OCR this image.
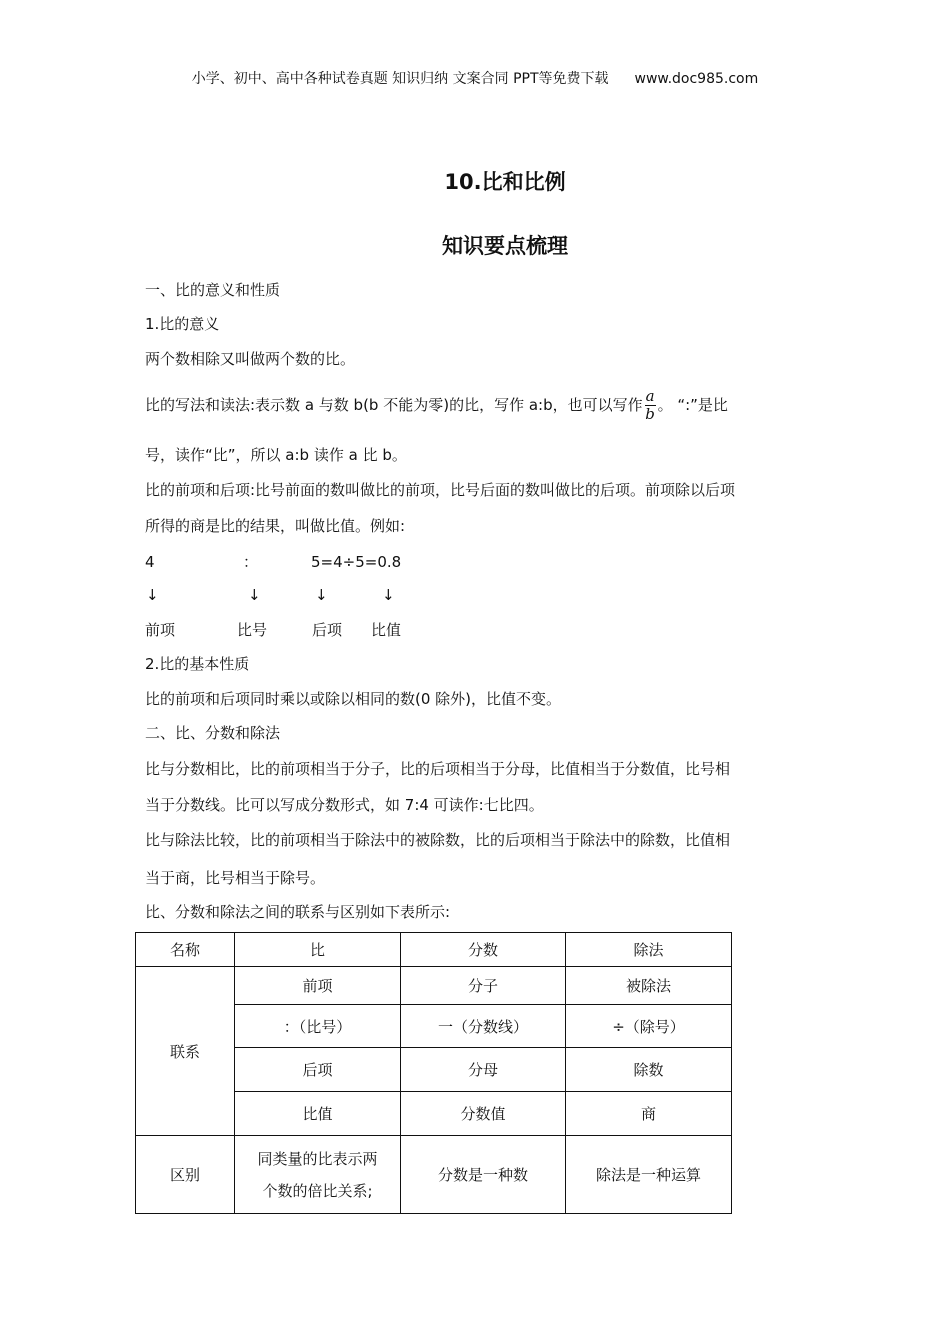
小学、初中、高中各种试卷真题 知识归纳 文案合同 PPT等免费下载 www.doc985.com
10.比和比例
知识要点梳理
一、比的意义和性质
1.比的意义
两个数相除又叫做两个数的比。
比的写法和读法:表示数 a 与数 b(b 不能为零)的比，写作 a:b，也可以写作 $\frac{a}{b}$ 。 “:”是比
号，读作“比”，所以 a:b 读作 a 比 b。
比的前项和后项:比号前面的数叫做比的前项，比号后面的数叫做比的后项。前项除以后项
所得的商是比的结果，叫做比值。例如:
4	：	5=4÷5=0.8
↓	↓	↓	↓
前项	比号	后项 比值
2.比的基本性质
比的前项和后项同时乘以或除以相同的数(0 除外)，比值不变。
二、比、分数和除法
比与分数相比，比的前项相当于分子，比的后项相当于分母，比值相当于分数值，比号相
当于分数线。比可以写成分数形式，如 7:4 可读作:七比四。
比与除法比较，比的前项相当于除法中的被除数，比的后项相当于除法中的除数，比值相
当于商，比号相当于除号。
比、分数和除法之间的联系与区别如下表所示:
名称	比	分数	除法
联系	前项	分子	被除法
	：（比号）	一（分数线）	÷（除号）
	后项	分母	除数
	比值	分数值	商
区别	同类量的比表示两
个数的倍比关系;	分数是一种数	除法是一种运算
